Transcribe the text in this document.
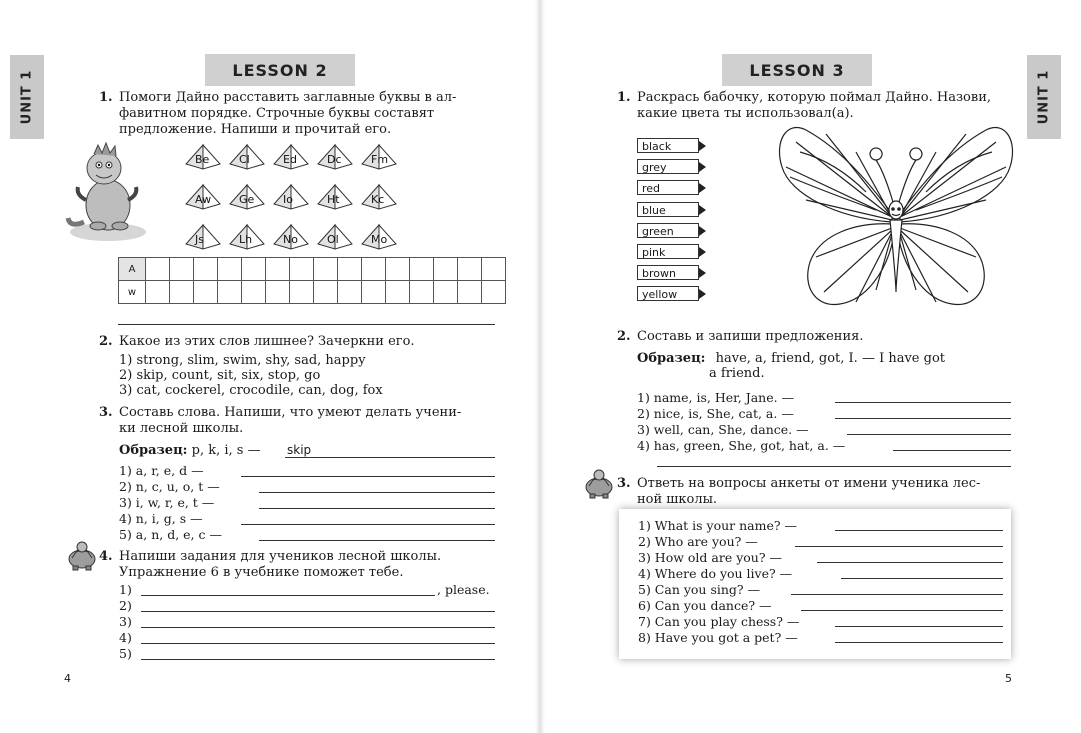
UNIT 1	LESSON 2
1. Помоги Дайно расставить заглавные буквы в ал-
фавитном порядке. Строчные буквы составят
предложение. Напиши и прочитай его.
Be	Cl	Ed	Dc	Fm
Aw	Ge	Io	Ht	Kc
Js	Lh	No	Ol	Mo
A															
w															
2. Какое из этих слов лишнее? Зачеркни его.
1) strong, slim, swim, shy, sad, happy
2) skip, count, sit, six, stop, go
3) cat, cockerel, crocodile, can, dog, fox
3. Составь слова. Напиши, что умеют делать учени-
ки лесной школы.
Образец: p, k, i, s — skip
1) a, r, e, d —
2) n, c, u, o, t —
3) i, w, r, e, t —
4) n, i, g, s —
5) a, n, d, e, c —
4. Напиши задания для учеников лесной школы.
Упражнение 6 в учебнике поможет тебе.
1)	, please.
2)
3)
4)
5)
4
UNIT 1
LESSON 3
1. Раскрась бабочку, которую поймал Дайно. Назови,
какие цвета ты использовал(а).
black
grey
red
blue
green
pink
brown
yellow
2. Составь и запиши предложения.
Образец: have, a, friend, got, I. — I have got
a friend.
1) name, is, Her, Jane. —
2) nice, is, She, cat, a. —
3) well, can, She, dance. —
4) has, green, She, got, hat, a. —
3. Ответь на вопросы анкеты от имени ученика лес-
ной школы.
1) What is your name? —
2) Who are you? —
3) How old are you? —
4) Where do you live? —
5) Can you sing? —
6) Can you dance? —
7) Can you play chess? —
8) Have you got a pet? —
5
